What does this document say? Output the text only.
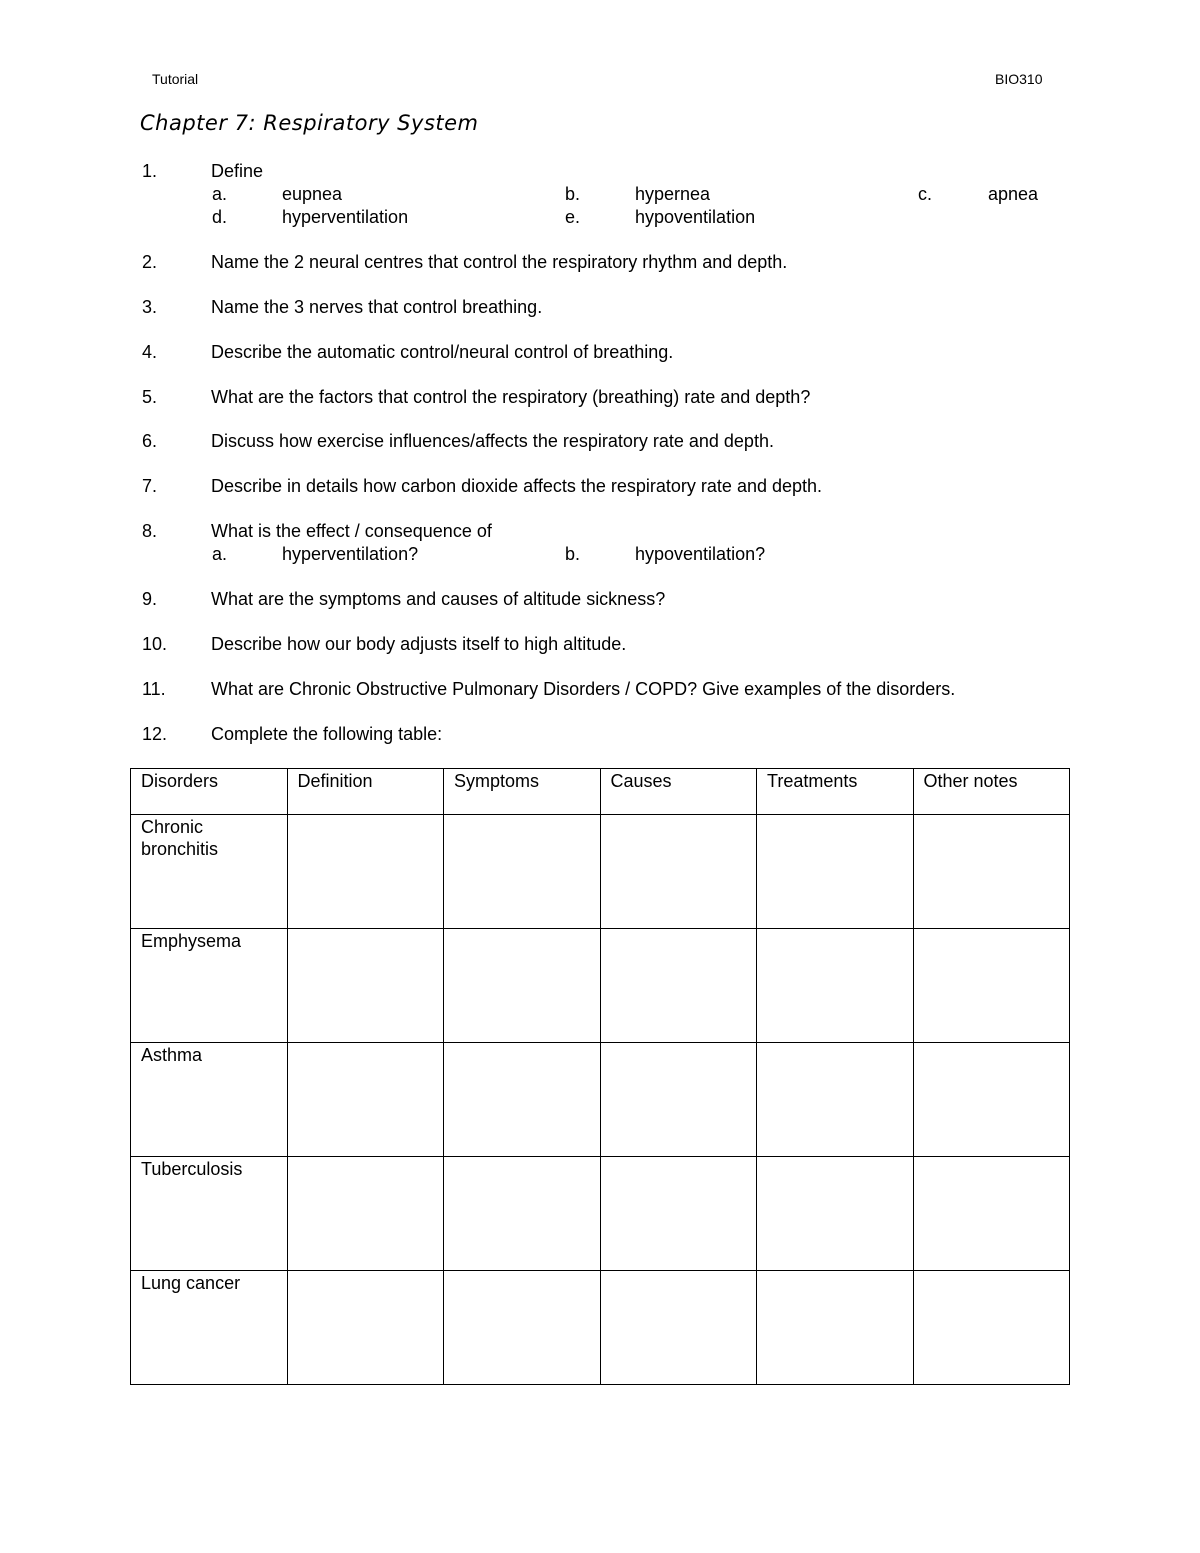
Tutorial	BIO310
Chapter 7: Respiratory System
1.	Define
a.	eupnea	b.	hypernea	c.	apnea
d.	hyperventilation	e.	hypoventilation
2.	Name the 2 neural centres that control the respiratory rhythm and depth.
3.	Name the 3 nerves that control breathing.
4.	Describe the automatic control/neural control of breathing.
5.	What are the factors that control the respiratory (breathing) rate and depth?
6.	Discuss how exercise influences/affects the respiratory rate and depth.
7.	Describe in details how carbon dioxide affects the respiratory rate and depth.
8.	What is the effect / consequence of
a.	hyperventilation?	b.	hypoventilation?
9.	What are the symptoms and causes of altitude sickness?
10. Describe how our body adjusts itself to high altitude.
11.	What are Chronic Obstructive Pulmonary Disorders / COPD? Give examples of the disorders.
12. Complete the following table:
Disorders	Definition	Symptoms	Causes	Treatments	Other notes

Chronic bronchitis					

Emphysema					

Asthma					

Tuberculosis					

Lung cancer					
